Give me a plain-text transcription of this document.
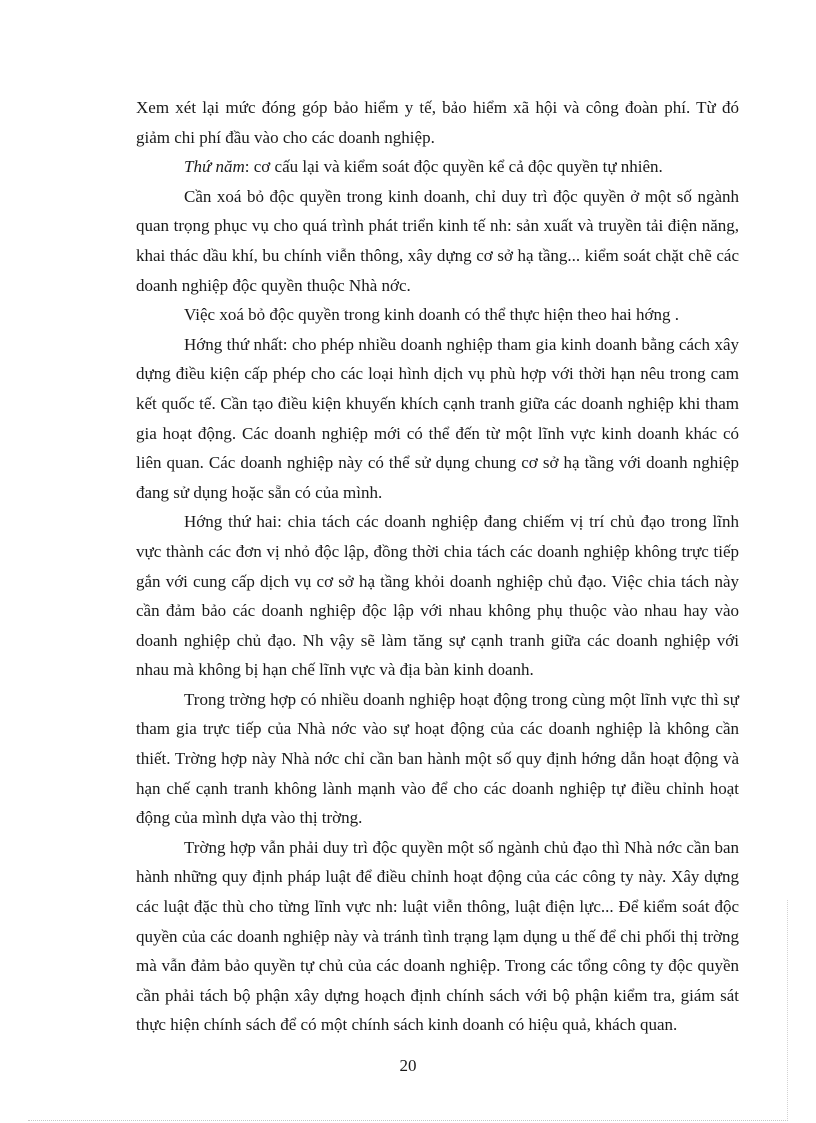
Xem xét lại mức đóng góp bảo hiểm y tế, bảo hiểm xã hội và công đoàn phí. Từ đó giảm chi phí đầu vào cho các doanh nghiệp.

Thứ năm: cơ cấu lại và kiểm soát độc quyền kể cả độc quyền tự nhiên.

Cần xoá bỏ độc quyền trong kinh doanh, chỉ duy trì độc quyền ở một số ngành quan trọng phục vụ cho quá trình phát triển kinh tế nh: sản xuất và truyền tải điện năng, khai thác dầu khí, bu chính viễn thông, xây dựng cơ sở hạ tầng... kiểm soát chặt chẽ các doanh nghiệp độc quyền thuộc Nhà nớc.

Việc xoá bỏ độc quyền trong kinh doanh có thể thực hiện theo hai hớng .

Hớng thứ nhất: cho phép nhiều doanh nghiệp tham gia kinh doanh bằng cách xây dựng điều kiện cấp phép cho các loại hình dịch vụ phù hợp với thời hạn nêu trong cam kết quốc tế. Cần tạo điều kiện khuyến khích cạnh tranh giữa các doanh nghiệp khi tham gia hoạt động. Các doanh nghiệp mới có thể đến từ một lĩnh vực kinh doanh khác có liên quan. Các doanh nghiệp này có thể sử dụng chung cơ sở hạ tầng với doanh nghiệp đang sử dụng hoặc sẵn có của mình.

Hớng thứ hai: chia tách các doanh nghiệp đang chiếm vị trí chủ đạo trong lĩnh vực thành các đơn vị nhỏ độc lập, đồng thời chia tách các doanh nghiệp không trực tiếp gắn với cung cấp dịch vụ cơ sở hạ tầng khỏi doanh nghiệp chủ đạo. Việc chia tách này cần đảm bảo các doanh nghiệp độc lập với nhau không phụ thuộc vào nhau hay vào doanh nghiệp chủ đạo. Nh vậy sẽ làm tăng sự cạnh tranh giữa các doanh nghiệp với nhau mà không bị hạn chế lĩnh vực và địa bàn kinh doanh.

Trong trờng hợp có nhiều doanh nghiệp hoạt động trong cùng một lĩnh vực thì sự tham gia trực tiếp của Nhà nớc vào sự hoạt động của các doanh nghiệp là không cần thiết. Trờng hợp này Nhà nớc chỉ cần ban hành một số quy định hớng dẫn hoạt động và hạn chế cạnh tranh không lành mạnh vào để cho các doanh nghiệp tự điều chỉnh hoạt động của mình dựa vào thị trờng.

Trờng hợp vẫn phải duy trì độc quyền một số ngành chủ đạo thì Nhà nớc cần ban hành những quy định pháp luật để điều chỉnh hoạt động của các công ty này. Xây dựng các luật đặc thù cho từng lĩnh vực nh: luật viễn thông, luật điện lực... Để kiểm soát độc quyền của các doanh nghiệp này và tránh tình trạng lạm dụng u thế để chi phối thị trờng mà vẫn đảm bảo quyền tự chủ của các doanh nghiệp. Trong các tổng công ty độc quyền cần phải tách bộ phận xây dựng hoạch định chính sách với bộ phận kiểm tra, giám sát thực hiện chính sách để có một chính sách kinh doanh có hiệu quả, khách quan.

20
